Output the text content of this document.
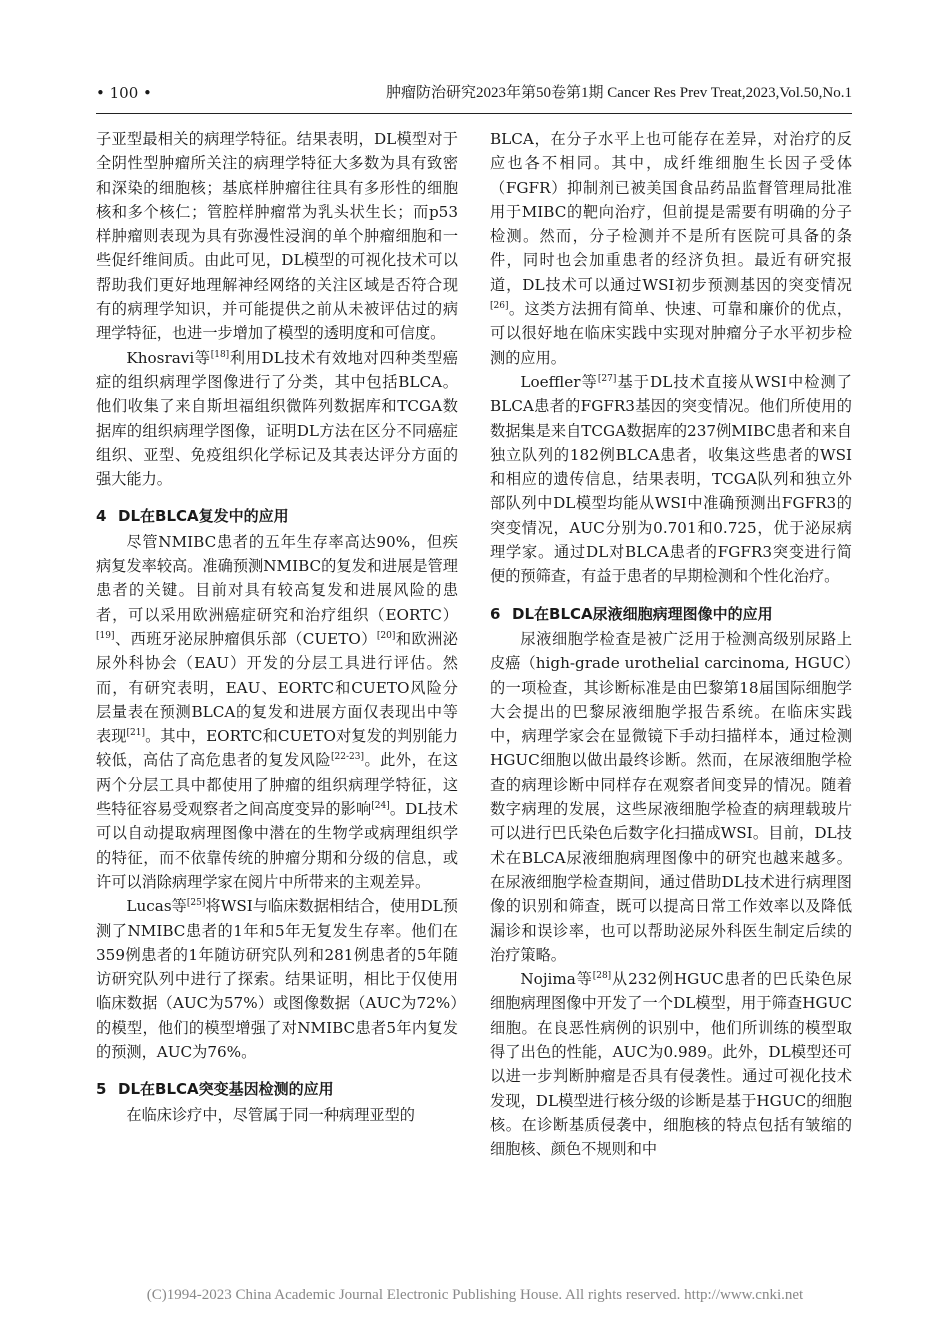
• 100 •	肿瘤防治研究2023年第50卷第1期 Cancer Res Prev Treat,2023,Vol.50,No.1

子亚型最相关的病理学特征。结果表明，DL模型对于全阴性型肿瘤所关注的病理学特征大多数为具有致密和深染的细胞核；基底样肿瘤往往具有多形性的细胞核和多个核仁；管腔样肿瘤常为乳头状生长；而p53样肿瘤则表现为具有弥漫性浸润的单个肿瘤细胞和一些促纤维间质。由此可见，DL模型的可视化技术可以帮助我们更好地理解神经网络的关注区域是否符合现有的病理学知识，并可能提供之前从未被评估过的病理学特征，也进一步增加了模型的透明度和可信度。

Khosravi等[18]利用DL技术有效地对四种类型癌症的组织病理学图像进行了分类，其中包括BLCA。他们收集了来自斯坦福组织微阵列数据库和TCGA数据库的组织病理学图像，证明DL方法在区分不同癌症组织、亚型、免疫组织化学标记及其表达评分方面的强大能力。

4 DL在BLCA复发中的应用

尽管NMIBC患者的五年生存率高达90%，但疾病复发率较高。准确预测NMIBC的复发和进展是管理患者的关键。目前对具有较高复发和进展风险的患者，可以采用欧洲癌症研究和治疗组织（EORTC）[19]、西班牙泌尿肿瘤俱乐部（CUETO）[20]和欧洲泌尿外科协会（EAU）开发的分层工具进行评估。然而，有研究表明，EAU、EORTC和CUETO风险分层量表在预测BLCA的复发和进展方面仅表现出中等表现[21]。其中，EORTC和CUETO对复发的判别能力较低，高估了高危患者的复发风险[22-23]。此外，在这两个分层工具中都使用了肿瘤的组织病理学特征，这些特征容易受观察者之间高度变异的影响[24]。DL技术可以自动提取病理图像中潜在的生物学或病理组织学的特征，而不依靠传统的肿瘤分期和分级的信息，或许可以消除病理学家在阅片中所带来的主观差异。

Lucas等[25]将WSI与临床数据相结合，使用DL预测了NMIBC患者的1年和5年无复发生存率。他们在359例患者的1年随访研究队列和281例患者的5年随访研究队列中进行了探索。结果证明，相比于仅使用临床数据（AUC为57%）或图像数据（AUC为72%）的模型，他们的模型增强了对NMIBC患者5年内复发的预测，AUC为76%。

5 DL在BLCA突变基因检测的应用

在临床诊疗中，尽管属于同一种病理亚型的

BLCA，在分子水平上也可能存在差异，对治疗的反应也各不相同。其中，成纤维细胞生长因子受体（FGFR）抑制剂已被美国食品药品监督管理局批准用于MIBC的靶向治疗，但前提是需要有明确的分子检测。然而，分子检测并不是所有医院可具备的条件，同时也会加重患者的经济负担。最近有研究报道，DL技术可以通过WSI初步预测基因的突变情况[26]。这类方法拥有简单、快速、可靠和廉价的优点，可以很好地在临床实践中实现对肿瘤分子水平初步检测的应用。

Loeffler等[27]基于DL技术直接从WSI中检测了BLCA患者的FGFR3基因的突变情况。他们所使用的数据集是来自TCGA数据库的237例MIBC患者和来自独立队列的182例BLCA患者，收集这些患者的WSI和相应的遗传信息，结果表明，TCGA队列和独立外部队列中DL模型均能从WSI中准确预测出FGFR3的突变情况，AUC分别为0.701和0.725，优于泌尿病理学家。通过DL对BLCA患者的FGFR3突变进行简便的预筛查，有益于患者的早期检测和个性化治疗。

6 DL在BLCA尿液细胞病理图像中的应用

尿液细胞学检查是被广泛用于检测高级别尿路上皮癌（high-grade urothelial carcinoma, HGUC）的一项检查，其诊断标准是由巴黎第18届国际细胞学大会提出的巴黎尿液细胞学报告系统。在临床实践中，病理学家会在显微镜下手动扫描样本，通过检测HGUC细胞以做出最终诊断。然而，在尿液细胞学检查的病理诊断中同样存在观察者间变异的情况。随着数字病理的发展，这些尿液细胞学检查的病理载玻片可以进行巴氏染色后数字化扫描成WSI。目前，DL技术在BLCA尿液细胞病理图像中的研究也越来越多。在尿液细胞学检查期间，通过借助DL技术进行病理图像的识别和筛查，既可以提高日常工作效率以及降低漏诊和误诊率，也可以帮助泌尿外科医生制定后续的治疗策略。

Nojima等[28]从232例HGUC患者的巴氏染色尿细胞病理图像中开发了一个DL模型，用于筛查HGUC细胞。在良恶性病例的识别中，他们所训练的模型取得了出色的性能，AUC为0.989。此外，DL模型还可以进一步判断肿瘤是否具有侵袭性。通过可视化技术发现，DL模型进行核分级的诊断是基于HGUC的细胞核。在诊断基质侵袭中，细胞核的特点包括有皱缩的细胞核、颜色不规则和中

(C)1994-2023 China Academic Journal Electronic Publishing House. All rights reserved. http://www.cnki.net
